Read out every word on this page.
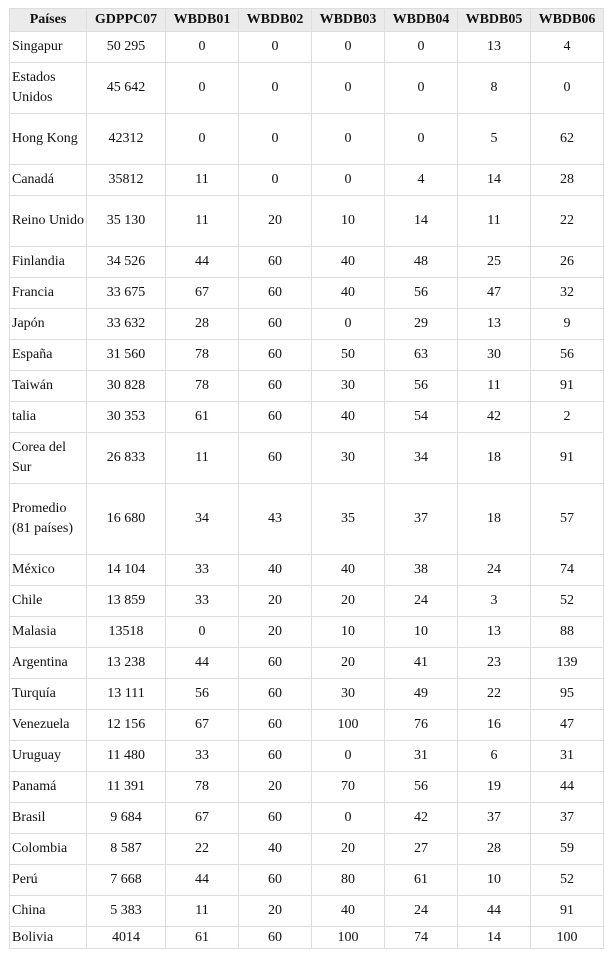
Países	GDPPC07	WBDB01	WBDB02	WBDB03	WBDB04	WBDB05	WBDB06
Singapur	50 295	0	0	0	0	13	4
Estados Unidos	45 642	0	0	0	0	8	0
Hong Kong	42312	0	0	0	0	5	62
Canadá	35812	11	0	0	4	14	28
Reino Unido	35 130	11	20	10	14	11	22
Finlandia	34 526	44	60	40	48	25	26
Francia	33 675	67	60	40	56	47	32
Japón	33 632	28	60	0	29	13	9
España	31 560	78	60	50	63	30	56
Taiwán	30 828	78	60	30	56	11	91
talia	30 353	61	60	40	54	42	2
Corea del Sur	26 833	11	60	30	34	18	91
Promedio (81 países)	16 680	34	43	35	37	18	57
México	14 104	33	40	40	38	24	74
Chile	13 859	33	20	20	24	3	52
Malasia	13518	0	20	10	10	13	88
Argentina	13 238	44	60	20	41	23	139
Turquía	13 111	56	60	30	49	22	95
Venezuela	12 156	67	60	100	76	16	47
Uruguay	11 480	33	60	0	31	6	31
Panamá	11 391	78	20	70	56	19	44
Brasil	9 684	67	60	0	42	37	37
Colombia	8 587	22	40	20	27	28	59
Perú	7 668	44	60	80	61	10	52
China	5 383	11	20	40	24	44	91
Bolivia	4014	61	60	100	74	14	100
